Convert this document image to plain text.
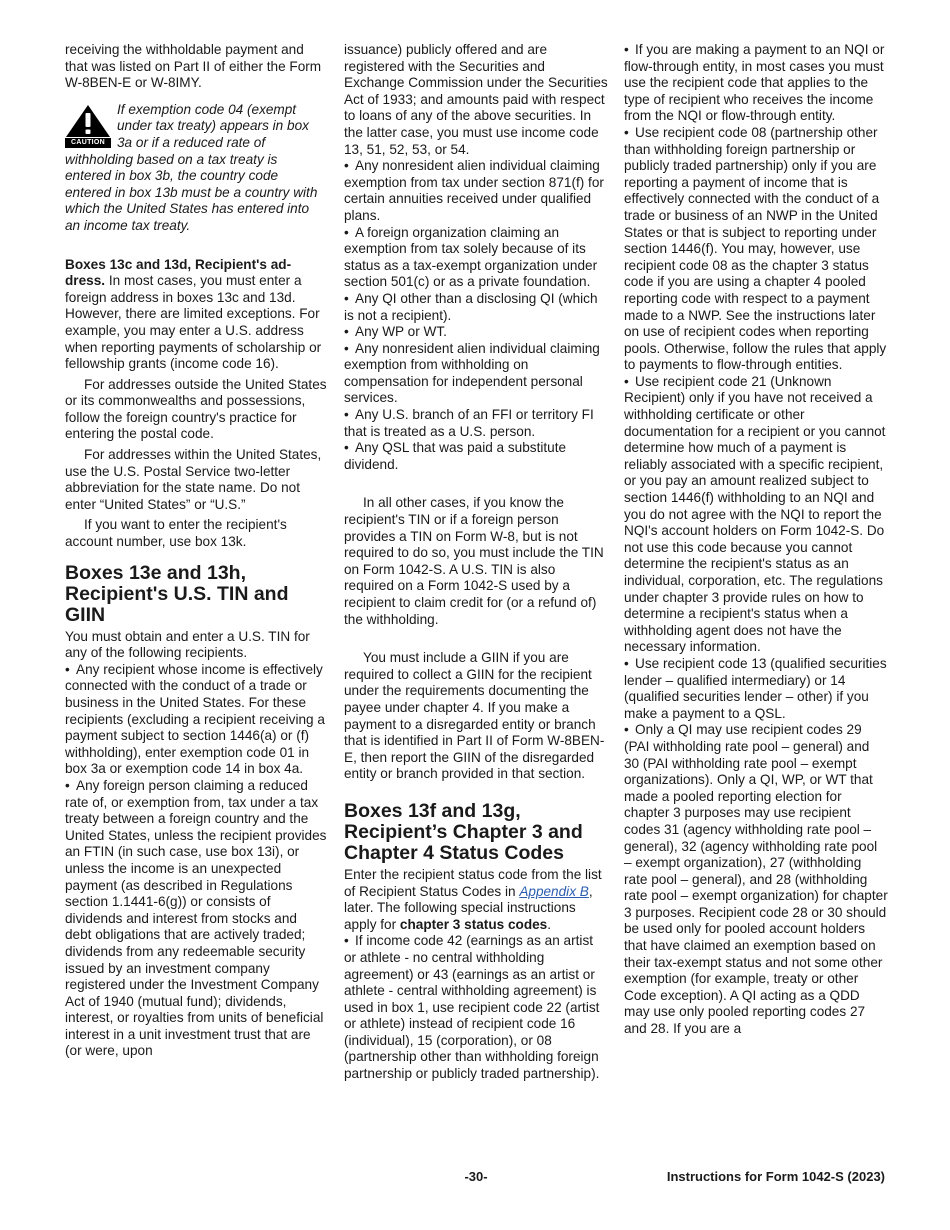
receiving the withholdable payment and that was listed on Part II of either the Form W-8BEN-E or W-8IMY.

CAUTION

If exemption code 04 (exempt under tax treaty) appears in box 3a or if a reduced rate of withholding based on a tax treaty is entered in box 3b, the country code entered in box 13b must be a country with which the United States has entered into an income tax treaty.

Boxes 13c and 13d, Recipient's ad-dress. In most cases, you must enter a foreign address in boxes 13c and 13d. However, there are limited exceptions. For example, you may enter a U.S. address when reporting payments of scholarship or fellowship grants (income code 16).

For addresses outside the United States or its commonwealths and possessions, follow the foreign country's practice for entering the postal code.

For addresses within the United States, use the U.S. Postal Service two-letter abbreviation for the state name. Do not enter “United States” or “U.S.”

If you want to enter the recipient's account number, use box 13k.

Boxes 13e and 13h, Recipient's U.S. TIN and GIIN

You must obtain and enter a U.S. TIN for any of the following recipients.

• Any recipient whose income is effectively connected with the conduct of a trade or business in the United States. For these recipients (excluding a recipient receiving a payment subject to section 1446(a) or (f) withholding), enter exemption code 01 in box 3a or exemption code 14 in box 4a.

• Any foreign person claiming a reduced rate of, or exemption from, tax under a tax treaty between a foreign country and the United States, unless the recipient provides an FTIN (in such case, use box 13i), or unless the income is an unexpected payment (as described in Regulations section 1.1441-6(g)) or consists of dividends and interest from stocks and debt obligations that are actively traded; dividends from any redeemable security issued by an investment company registered under the Investment Company Act of 1940 (mutual fund); dividends, interest, or royalties from units of beneficial interest in a unit investment trust that are (or were, upon

issuance) publicly offered and are registered with the Securities and Exchange Commission under the Securities Act of 1933; and amounts paid with respect to loans of any of the above securities. In the latter case, you must use income code 13, 51, 52, 53, or 54.

• Any nonresident alien individual claiming exemption from tax under section 871(f) for certain annuities received under qualified plans.

• A foreign organization claiming an exemption from tax solely because of its status as a tax-exempt organization under section 501(c) or as a private foundation.

• Any QI other than a disclosing QI (which is not a recipient).

• Any WP or WT.

• Any nonresident alien individual claiming exemption from withholding on compensation for independent personal services.

• Any U.S. branch of an FFI or territory FI that is treated as a U.S. person.

• Any QSL that was paid a substitute dividend.

In all other cases, if you know the recipient's TIN or if a foreign person provides a TIN on Form W-8, but is not required to do so, you must include the TIN on Form 1042-S. A U.S. TIN is also required on a Form 1042-S used by a recipient to claim credit for (or a refund of) the withholding.

You must include a GIIN if you are required to collect a GIIN for the recipient under the requirements documenting the payee under chapter 4. If you make a payment to a disregarded entity or branch that is identified in Part II of Form W-8BEN-E, then report the GIIN of the disregarded entity or branch provided in that section.

Boxes 13f and 13g, Recipient’s Chapter 3 and Chapter 4 Status Codes

Enter the recipient status code from the list of Recipient Status Codes in Appendix B, later. The following special instructions apply for chapter 3 status codes.

• If income code 42 (earnings as an artist or athlete - no central withholding agreement) or 43 (earnings as an artist or athlete - central withholding agreement) is used in box 1, use recipient code 22 (artist or athlete) instead of recipient code 16 (individual), 15 (corporation), or 08 (partnership other than withholding foreign partnership or publicly traded partnership).

• If you are making a payment to an NQI or flow-through entity, in most cases you must use the recipient code that applies to the type of recipient who receives the income from the NQI or flow-through entity.

• Use recipient code 08 (partnership other than withholding foreign partnership or publicly traded partnership) only if you are reporting a payment of income that is effectively connected with the conduct of a trade or business of an NWP in the United States or that is subject to reporting under section 1446(f). You may, however, use recipient code 08 as the chapter 3 status code if you are using a chapter 4 pooled reporting code with respect to a payment made to a NWP. See the instructions later on use of recipient codes when reporting pools. Otherwise, follow the rules that apply to payments to flow-through entities.

• Use recipient code 21 (Unknown Recipient) only if you have not received a withholding certificate or other documentation for a recipient or you cannot determine how much of a payment is reliably associated with a specific recipient, or you pay an amount realized subject to section 1446(f) withholding to an NQI and you do not agree with the NQI to report the NQI's account holders on Form 1042-S. Do not use this code because you cannot determine the recipient's status as an individual, corporation, etc. The regulations under chapter 3 provide rules on how to determine a recipient's status when a withholding agent does not have the necessary information.

• Use recipient code 13 (qualified securities lender – qualified intermediary) or 14 (qualified securities lender – other) if you make a payment to a QSL.

• Only a QI may use recipient codes 29 (PAI withholding rate pool – general) and 30 (PAI withholding rate pool – exempt organizations). Only a QI, WP, or WT that made a pooled reporting election for chapter 3 purposes may use recipient codes 31 (agency withholding rate pool – general), 32 (agency withholding rate pool – exempt organization), 27 (withholding rate pool – general), and 28 (withholding rate pool – exempt organization) for chapter 3 purposes. Recipient code 28 or 30 should be used only for pooled account holders that have claimed an exemption based on their tax-exempt status and not some other exemption (for example, treaty or other Code exception). A QI acting as a QDD may use only pooled reporting codes 27 and 28. If you are a

-30-	Instructions for Form 1042-S (2023)
